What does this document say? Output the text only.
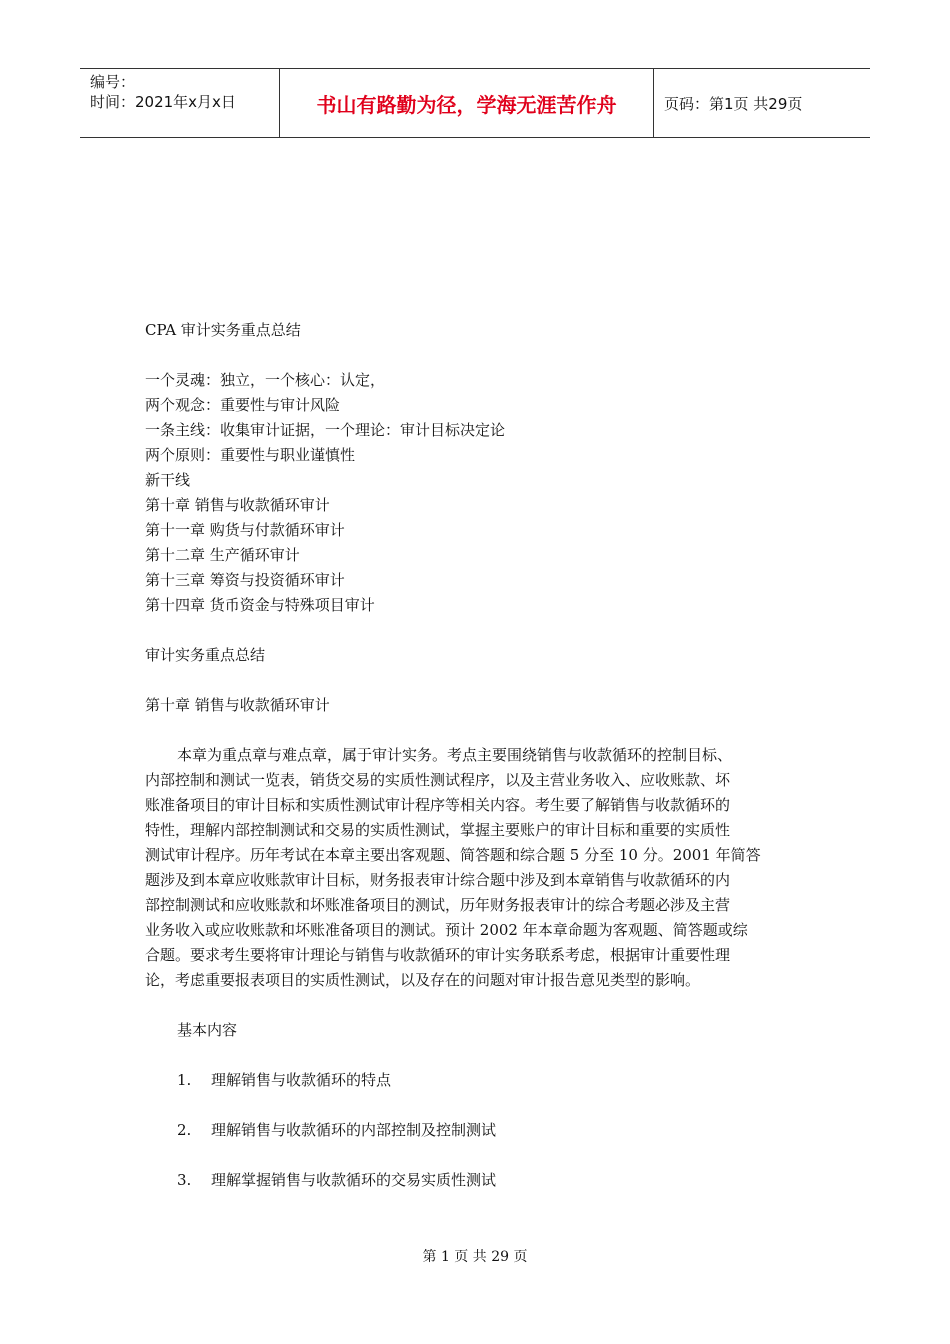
编号：
时间：2021年x月x日	书山有路勤为径，学海无涯苦作舟	页码：第1页 共29页
CPA 审计实务重点总结
一个灵魂：独立，一个核心：认定，
两个观念：重要性与审计风险
一条主线：收集审计证据，一个理论：审计目标决定论
两个原则：重要性与职业谨慎性
新干线
第十章 销售与收款循环审计
第十一章 购货与付款循环审计
第十二章 生产循环审计
第十三章 筹资与投资循环审计
第十四章 货币资金与特殊项目审计
审计实务重点总结
第十章 销售与收款循环审计
本章为重点章与难点章，属于审计实务。考点主要围绕销售与收款循环的控制目标、
内部控制和测试一览表，销货交易的实质性测试程序，以及主营业务收入、应收账款、坏
账准备项目的审计目标和实质性测试审计程序等相关内容。考生要了解销售与收款循环的
特性，理解内部控制测试和交易的实质性测试，掌握主要账户的审计目标和重要的实质性
测试审计程序。历年考试在本章主要出客观题、简答题和综合题 5 分至 10 分。2001 年简答
题涉及到本章应收账款审计目标，财务报表审计综合题中涉及到本章销售与收款循环的内
部控制测试和应收账款和坏账准备项目的测试，历年财务报表审计的综合考题必涉及主营
业务收入或应收账款和坏账准备项目的测试。预计 2002 年本章命题为客观题、简答题或综
合题。要求考生要将审计理论与销售与收款循环的审计实务联系考虑，根据审计重要性理
论，考虑重要报表项目的实质性测试，以及存在的问题对审计报告意见类型的影响。
基本内容
1. 理解销售与收款循环的特点
2. 理解销售与收款循环的内部控制及控制测试
3. 理解掌握销售与收款循环的交易实质性测试
第 1 页 共 29 页
